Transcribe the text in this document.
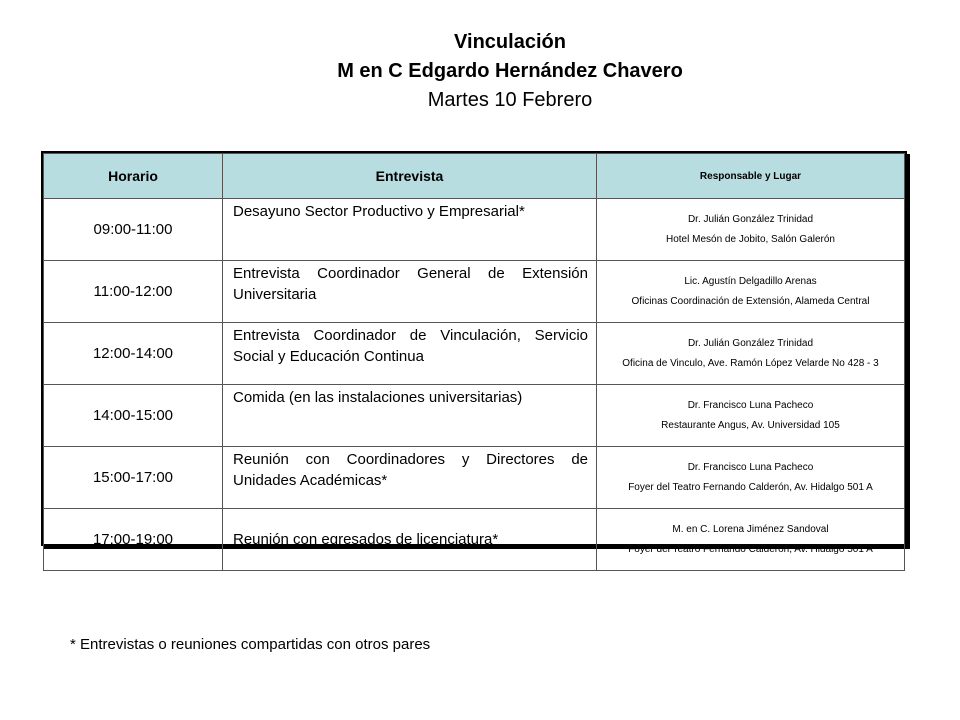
Vinculación
M en C Edgardo Hernández Chavero
Martes 10 Febrero
Horario	Entrevista	Responsable y Lugar
09:00-11:00	Desayuno Sector Productivo y Empresarial*	Dr. Julián González Trinidad
Hotel Mesón de Jobito, Salón Galerón

11:00-12:00	Entrevista Coordinador General de Extensión Universitaria	Lic. Agustín Delgadillo Arenas
Oficinas Coordinación de Extensión, Alameda Central

12:00-14:00	Entrevista Coordinador de Vinculación, Servicio Social y Educación Continua	Dr. Julián González Trinidad
Oficina de Vinculo, Ave. Ramón López Velarde No 428 - 3

14:00-15:00	Comida (en las instalaciones universitarias)	Dr. Francisco Luna Pacheco
Restaurante Angus, Av. Universidad 105

15:00-17:00	Reunión con Coordinadores y Directores de Unidades Académicas*	Dr. Francisco Luna Pacheco
Foyer del Teatro Fernando Calderón, Av. Hidalgo 501 A

17:00-19:00	Reunión con egresados de licenciatura*	M. en C. Lorena Jiménez Sandoval
Foyer del Teatro Fernando Calderón, Av. Hidalgo 501 A
* Entrevistas o reuniones compartidas con otros pares
